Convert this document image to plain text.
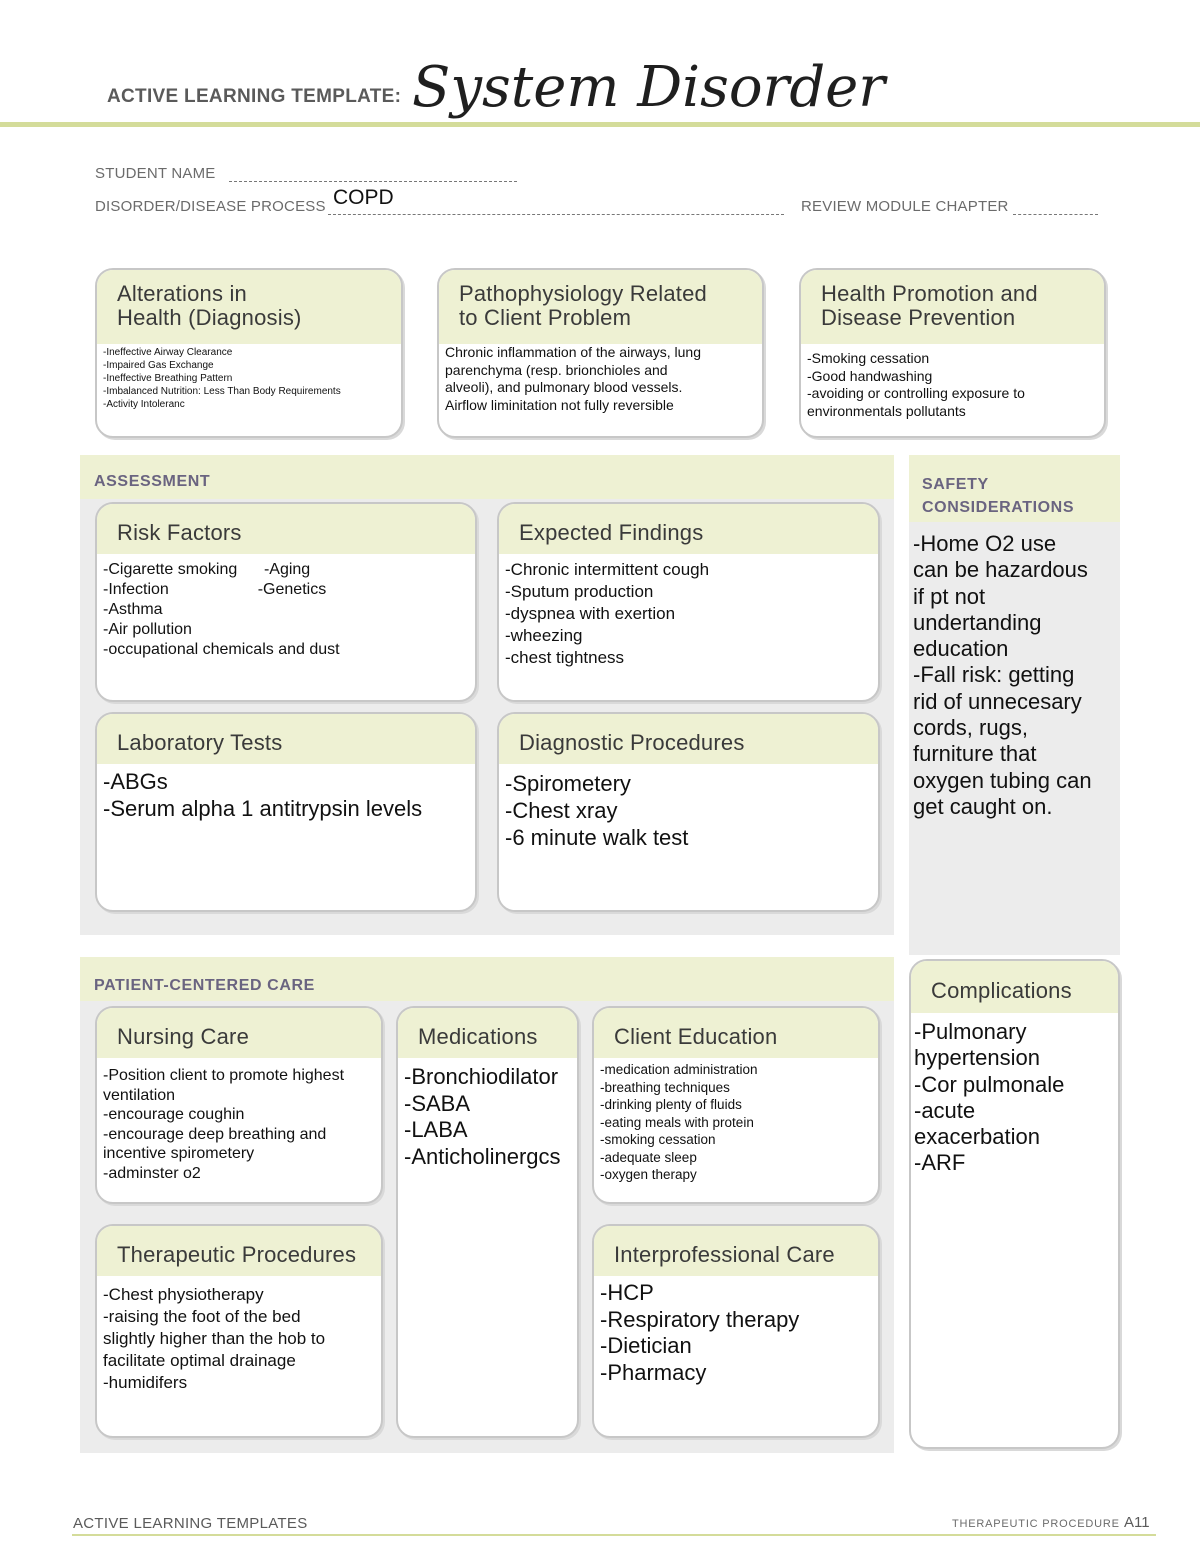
ACTIVE LEARNING TEMPLATE: System Disorder
STUDENT NAME
DISORDER/DISEASE PROCESS COPD	REVIEW MODULE CHAPTER
Alterations in
Health (Diagnosis)
-Ineffective Airway Clearance
-Impaired Gas Exchange
-Ineffective Breathing Pattern
-Imbalanced Nutrition: Less Than Body Requirements
-Activity Intoleranc
Pathophysiology Related
to Client Problem
Chronic inflammation of the airways, lung
parenchyma (resp. brionchioles and
alveoli), and pulmonary blood vessels.
Airflow liminitation not fully reversible
Health Promotion and
Disease Prevention
-Smoking cessation
-Good handwashing
-avoiding or controlling exposure to
environmentals pollutants
ASSESSMENT
Risk Factors
-Cigarette smoking      -Aging
-Infection                    -Genetics
-Asthma
-Air pollution
-occupational chemicals and dust
Expected Findings
-Chronic intermittent cough
-Sputum production
-dyspnea with exertion
-wheezing
-chest tightness
Laboratory Tests
-ABGs
-Serum alpha 1 antitrypsin levels
Diagnostic Procedures
-Spirometery
-Chest xray
-6 minute walk test
SAFETY
CONSIDERATIONS
-Home O2 use
can be hazardous
if pt not
undertanding
education
-Fall risk: getting
rid of unnecesary
cords, rugs,
furniture that
oxygen tubing can
get caught on.
PATIENT-CENTERED CARE
Nursing Care
-Position client to promote highest
ventilation
-encourage coughin
-encourage deep breathing and
incentive spirometery
-adminster o2
Medications
-Bronchiodilator
-SABA
-LABA
-Anticholinergcs
Client Education
-medication administration
-breathing techniques
-drinking plenty of fluids
-eating meals with protein
-smoking cessation
-adequate sleep
-oxygen therapy
Therapeutic Procedures
-Chest physiotherapy
-raising the foot of the bed
slightly higher than the hob to
facilitate optimal drainage
-humidifers
Interprofessional Care
-HCP
-Respiratory therapy
-Dietician
-Pharmacy
Complications
-Pulmonary
hypertension
-Cor pulmonale
-acute
exacerbation
-ARF
ACTIVE LEARNING TEMPLATES	THERAPEUTIC PROCEDURE A11
